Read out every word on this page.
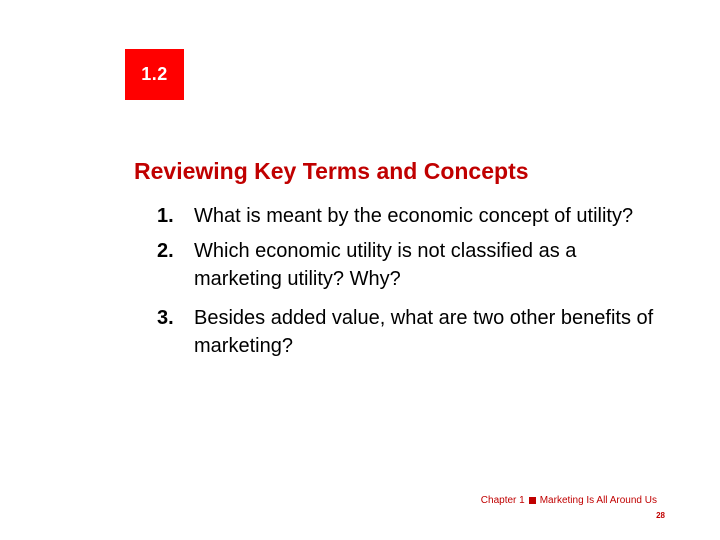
1.2
Reviewing Key Terms and Concepts
1.	What is meant by the economic concept of utility?
2.	Which economic utility is not classified as a marketing utility? Why?
3.	Besides added value, what are two other benefits of marketing?
Chapter 1 Marketing Is All Around Us
28
